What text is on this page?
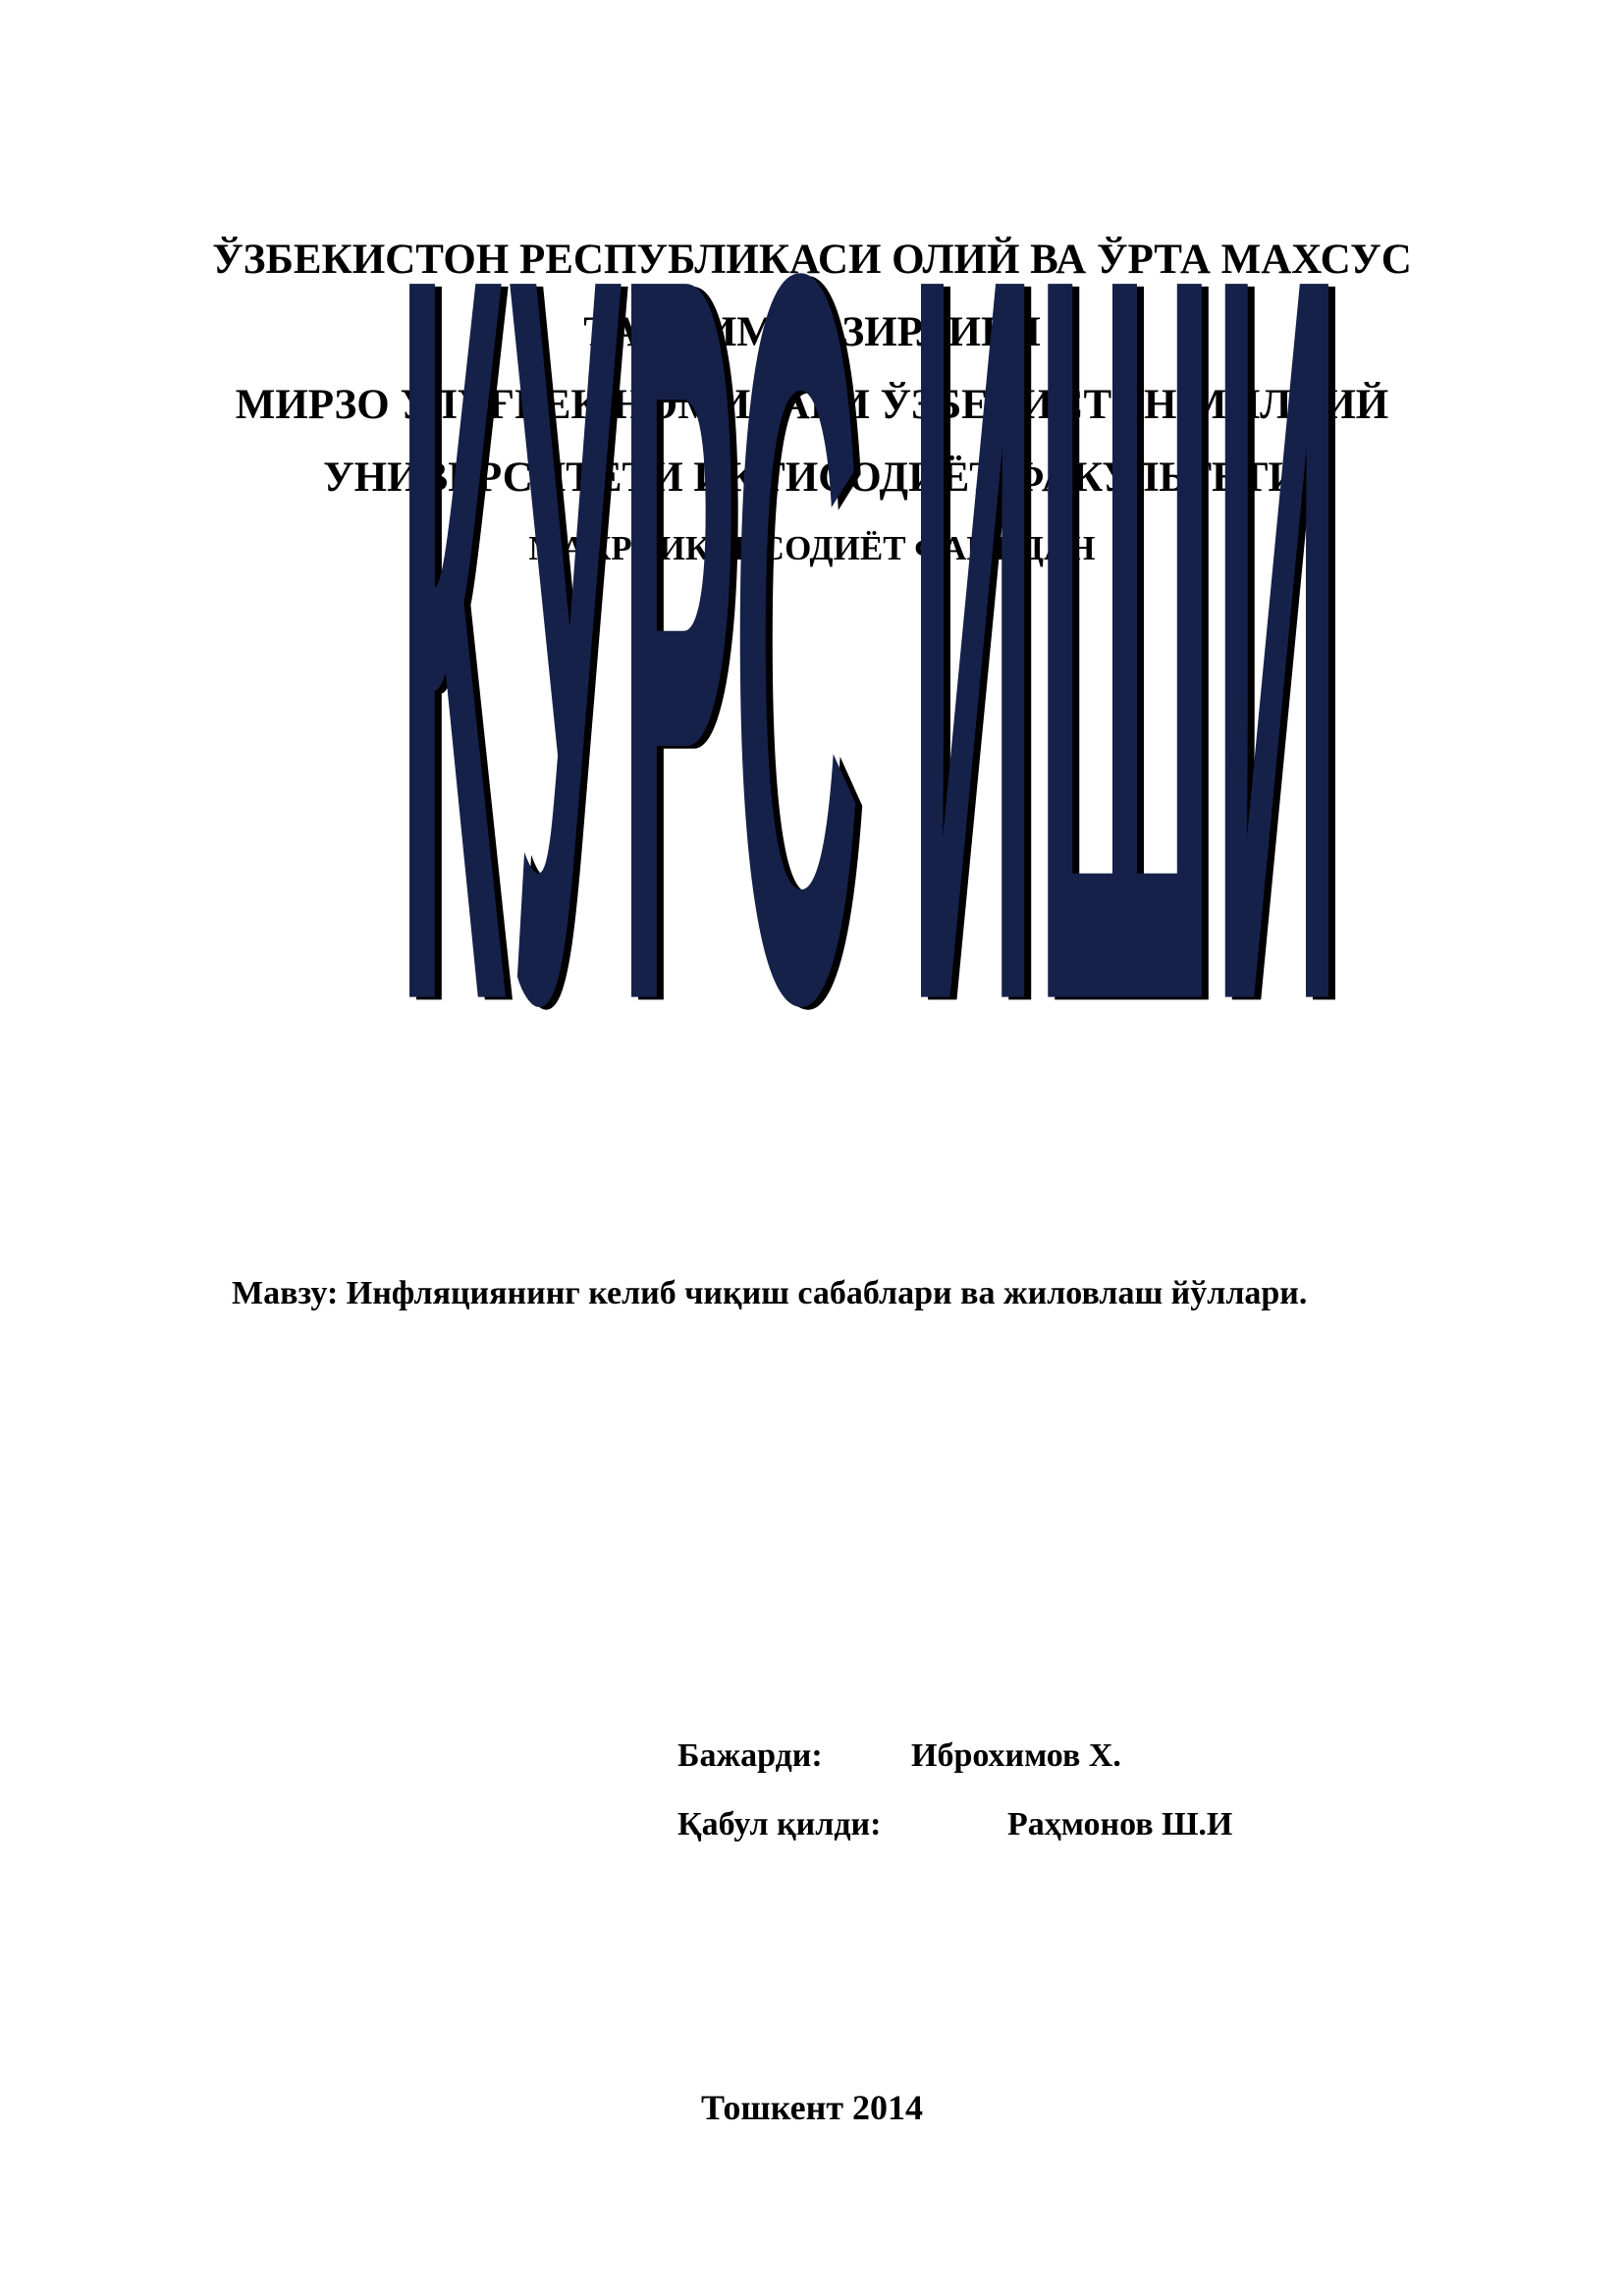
ЎЗБЕКИСТОН РЕСПУБЛИКАСИ ОЛИЙ ВА ЎРТА МАХСУС
ТАЪЛИМ ВАЗИРЛИГИ
МИРЗО УЛУҒБЕК НОМИДАГИ ЎЗБЕКИСТОН МИЛЛИЙ
УНИВЕРСИТЕТИ ИҚТИСОДИЁТ ФАКУЛЬТЕТИ
МАКРОИҚТИСОДИЁТ ФАНИДАН
КУРС ИШИ
КУРС ИШИ
Мавзу: Инфляциянинг келиб чиқиш сабаблари ва жиловлаш йўллари.
Бажарди:	Иброхимов Х.
Қабул қилди:	Раҳмонов Ш.И
Тошкент 2014
